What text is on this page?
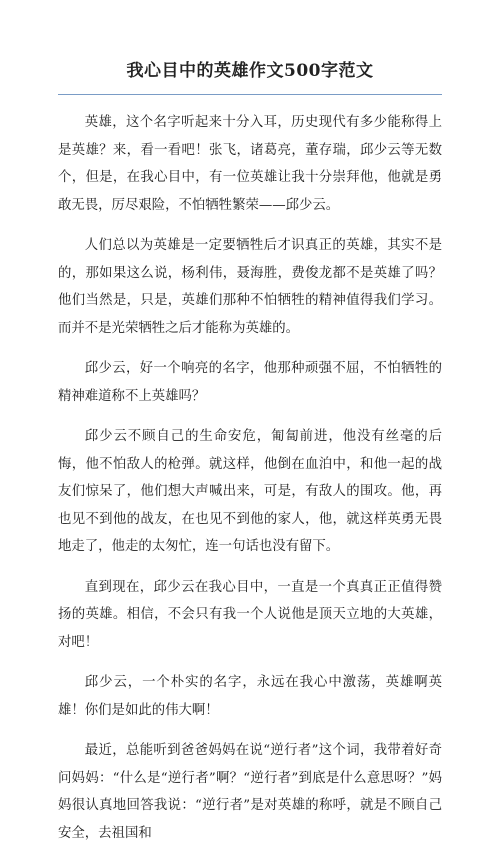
我心目中的英雄作文500字范文

英雄，这个名字听起来十分入耳，历史现代有多少能称得上是英雄？来，看一看吧！张飞，诸葛亮，董存瑞，邱少云等无数个，但是，在我心目中，有一位英雄让我十分崇拜他，他就是勇敢无畏，厉尽艰险，不怕牺牲繁荣——邱少云。

人们总以为英雄是一定要牺牲后才识真正的英雄，其实不是的，那如果这么说，杨利伟，聂海胜，费俊龙都不是英雄了吗？他们当然是，只是，英雄们那种不怕牺牲的精神值得我们学习。而并不是光荣牺牲之后才能称为英雄的。

邱少云，好一个响亮的名字，他那种顽强不屈，不怕牺牲的精神难道称不上英雄吗？

邱少云不顾自己的生命安危，匍匐前进，他没有丝毫的后悔，他不怕敌人的枪弹。就这样，他倒在血泊中，和他一起的战友们惊呆了，他们想大声喊出来，可是，有敌人的围攻。他，再也见不到他的战友，在也见不到他的家人，他，就这样英勇无畏地走了，他走的太匆忙，连一句话也没有留下。

直到现在，邱少云在我心目中，一直是一个真真正正值得赞扬的英雄。相信，不会只有我一个人说他是顶天立地的大英雄，对吧！

邱少云，一个朴实的名字，永远在我心中激荡，英雄啊英雄！你们是如此的伟大啊！

最近，总能听到爸爸妈妈在说“逆行者”这个词，我带着好奇问妈妈：“什么是“逆行者”啊？“逆行者”到底是什么意思呀？”妈妈很认真地回答我说：“逆行者”是对英雄的称呼，就是不顾自己安全，去祖国和
